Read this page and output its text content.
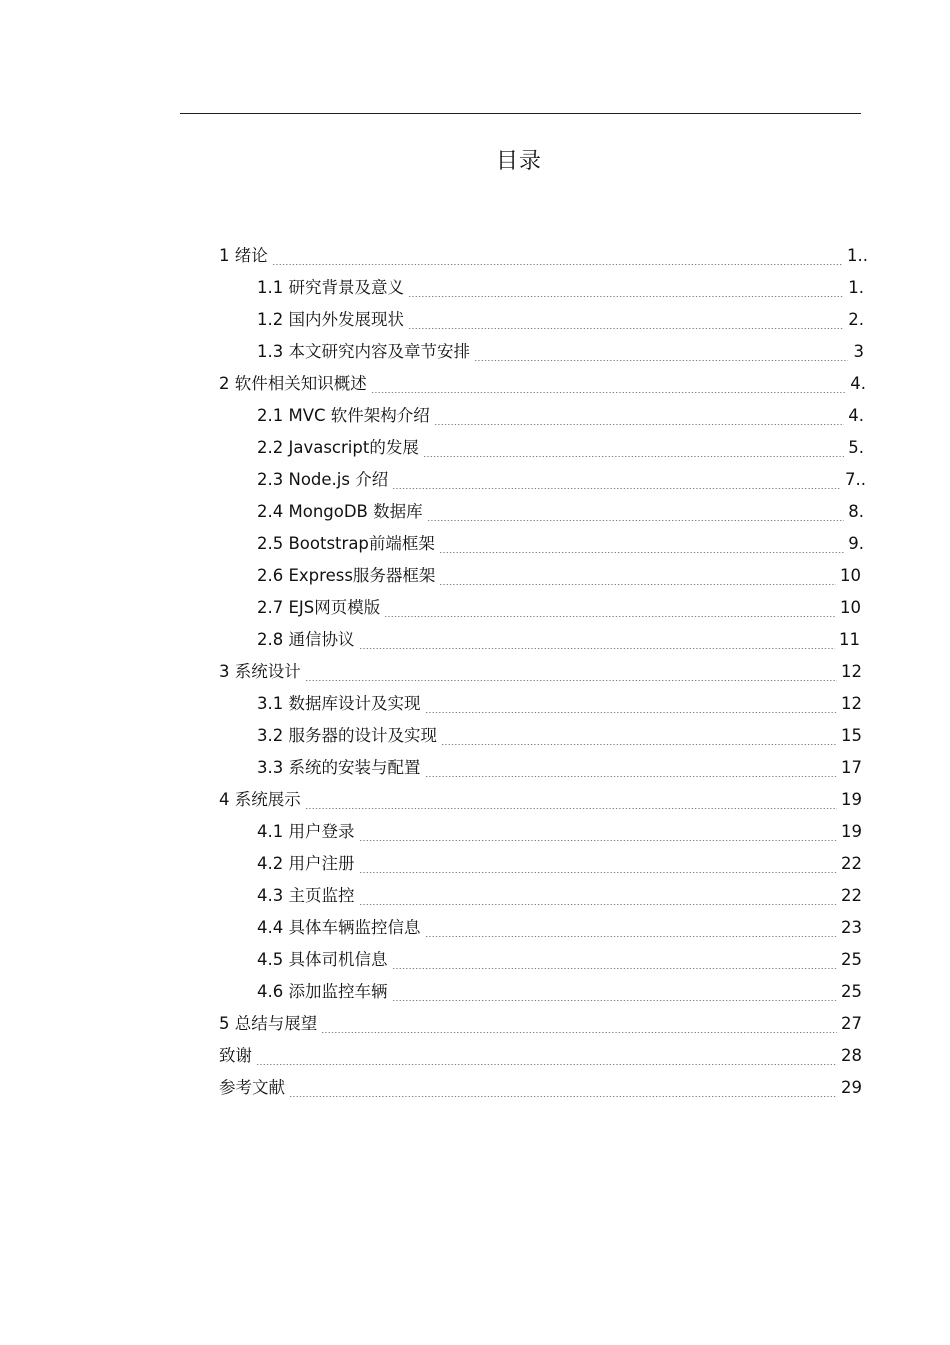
目录
1 绪论	1..
1.1 研究背景及意义	1.
1.2 国内外发展现状	2.
1.3 本文研究内容及章节安排	3
2 软件相关知识概述	4.
2.1 MVC 软件架构介绍	4.
2.2 Javascript的发展	5.
2.3 Node.js 介绍	7..
2.4 MongoDB 数据库	8.
2.5 Bootstrap前端框架	9.
2.6 Express服务器框架	10
2.7 EJS网页模版	10
2.8 通信协议	11
3 系统设计	12
3.1 数据库设计及实现	12
3.2 服务器的设计及实现	15
3.3 系统的安装与配置	17
4 系统展示	19
4.1 用户登录	19
4.2 用户注册	22
4.3 主页监控	22
4.4 具体车辆监控信息	23
4.5 具体司机信息	25
4.6 添加监控车辆	25
5 总结与展望	27
致谢	28
参考文献	29
